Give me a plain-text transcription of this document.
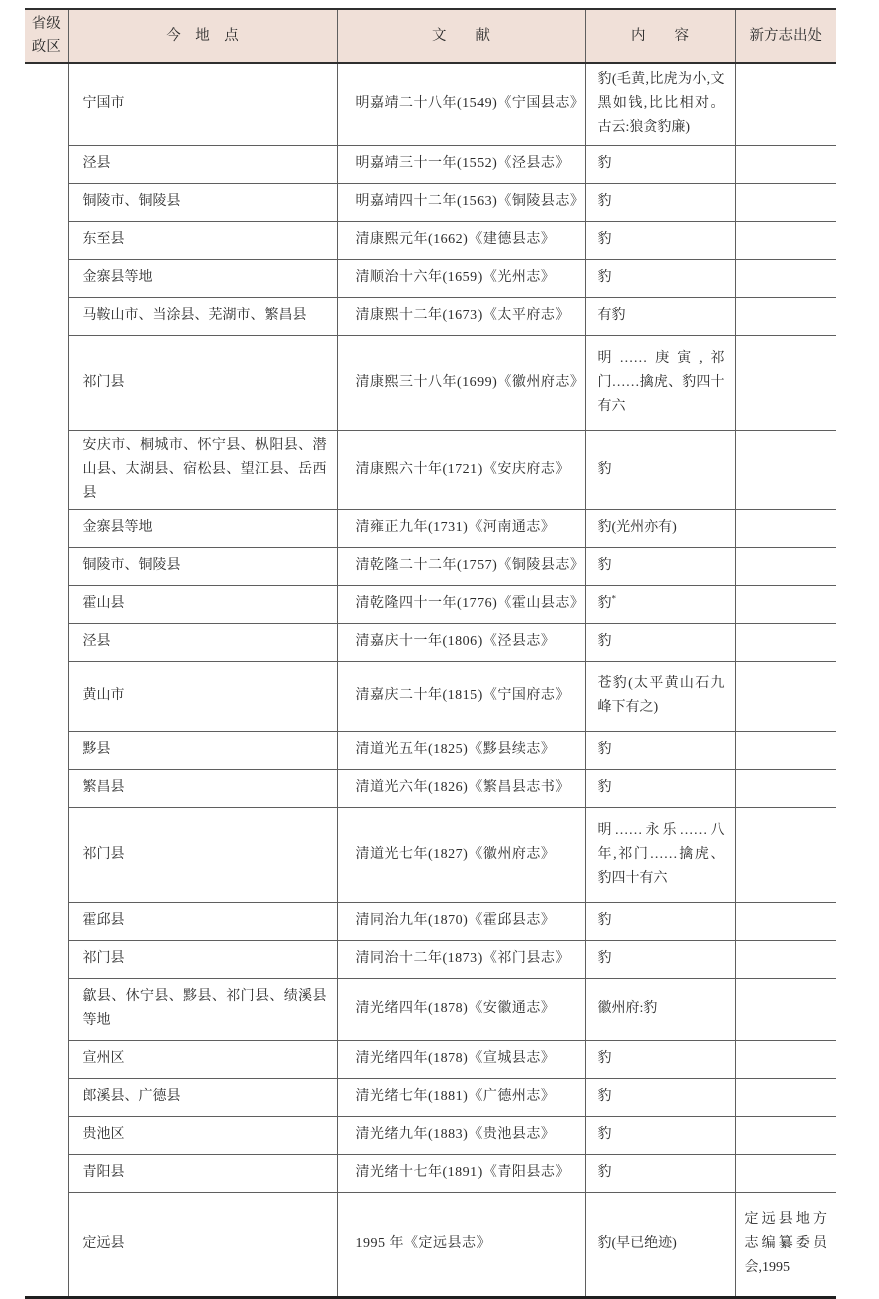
省级
政区	今　地　点	文　　献	内　　容	新方志出处
	宁国市	明嘉靖二十八年(1549)《宁国县志》	豹(毛黄,比虎为小,文黑如钱,比比相对。古云:狼贪豹廉)	
	泾县	明嘉靖三十一年(1552)《泾县志》	豹	
	铜陵市、铜陵县	明嘉靖四十二年(1563)《铜陵县志》	豹	
	东至县	清康熙元年(1662)《建德县志》	豹	
	金寨县等地	清顺治十六年(1659)《光州志》	豹	
	马鞍山市、当涂县、芜湖市、繁昌县	清康熙十二年(1673)《太平府志》	有豹	
	祁门县	清康熙三十八年(1699)《徽州府志》	明……庚寅,祁门……擒虎、豹四十有六	
	安庆市、桐城市、怀宁县、枞阳县、潜山县、太湖县、宿松县、望江县、岳西县	清康熙六十年(1721)《安庆府志》	豹	
	金寨县等地	清雍正九年(1731)《河南通志》	豹(光州亦有)	
	铜陵市、铜陵县	清乾隆二十二年(1757)《铜陵县志》	豹	
	霍山县	清乾隆四十一年(1776)《霍山县志》	豹*	
	泾县	清嘉庆十一年(1806)《泾县志》	豹	
	黄山市	清嘉庆二十年(1815)《宁国府志》	苍豹(太平黄山石九峰下有之)	
	黟县	清道光五年(1825)《黟县续志》	豹	
	繁昌县	清道光六年(1826)《繁昌县志书》	豹	
	祁门县	清道光七年(1827)《徽州府志》	明……永乐……八年,祁门……擒虎、豹四十有六	
	霍邱县	清同治九年(1870)《霍邱县志》	豹	
	祁门县	清同治十二年(1873)《祁门县志》	豹	
	歙县、休宁县、黟县、祁门县、绩溪县等地	清光绪四年(1878)《安徽通志》	徽州府:豹	
	宣州区	清光绪四年(1878)《宣城县志》	豹	
	郎溪县、广德县	清光绪七年(1881)《广德州志》	豹	
	贵池区	清光绪九年(1883)《贵池县志》	豹	
	青阳县	清光绪十七年(1891)《青阳县志》	豹	
	定远县	1995 年《定远县志》	豹(早已绝迹)	定远县地方志编纂委员会,1995
